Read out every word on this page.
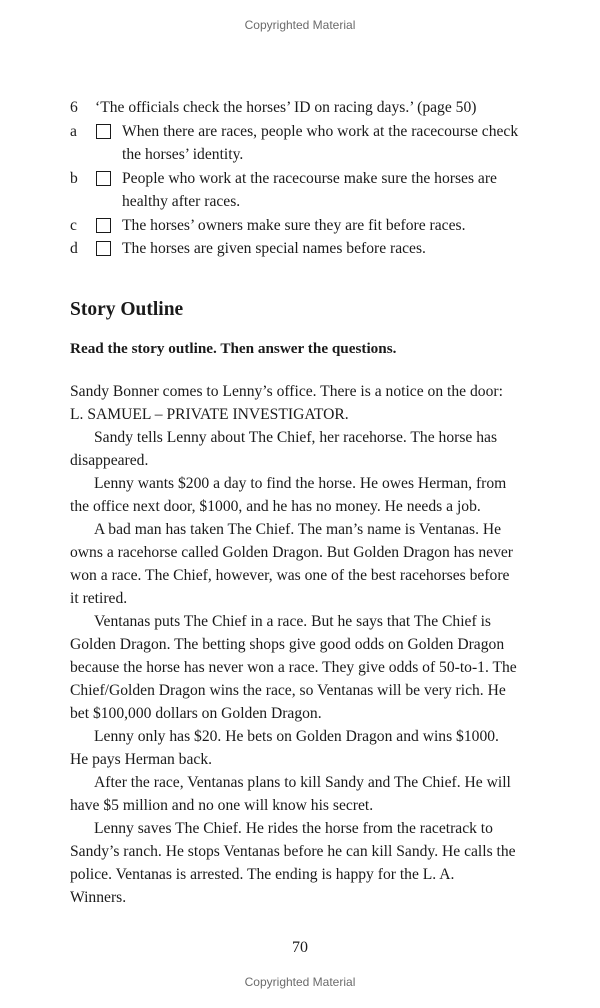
Copyrighted Material
6 ‘The officials check the horses’ ID on racing days.’ (page 50)
a	When there are races, people who work at the racecourse check
the horses’ identity.
b	People who work at the racecourse make sure the horses are
healthy after races.
c	The horses’ owners make sure they are fit before races.
d	The horses are given special names before races.
Story Outline

Read the story outline. Then answer the questions.

Sandy Bonner comes to Lenny’s office. There is a notice on the door:
L. SAMUEL – PRIVATE INVESTIGATOR.

Sandy tells Lenny about The Chief, her racehorse. The horse has
disappeared.

Lenny wants $200 a day to find the horse. He owes Herman, from
the office next door, $1000, and he has no money. He needs a job.

A bad man has taken The Chief. The man’s name is Ventanas. He
owns a racehorse called Golden Dragon. But Golden Dragon has never
won a race. The Chief, however, was one of the best racehorses before
it retired.

Ventanas puts The Chief in a race. But he says that The Chief is
Golden Dragon. The betting shops give good odds on Golden Dragon
because the horse has never won a race. They give odds of 50-to-1. The
Chief/Golden Dragon wins the race, so Ventanas will be very rich. He
bet $100,000 dollars on Golden Dragon.

Lenny only has $20. He bets on Golden Dragon and wins $1000.
He pays Herman back.

After the race, Ventanas plans to kill Sandy and The Chief. He will
have $5 million and no one will know his secret.

Lenny saves The Chief. He rides the horse from the racetrack to
Sandy’s ranch. He stops Ventanas before he can kill Sandy. He calls the
police. Ventanas is arrested. The ending is happy for the L. A.
Winners.

70
Copyrighted Material
